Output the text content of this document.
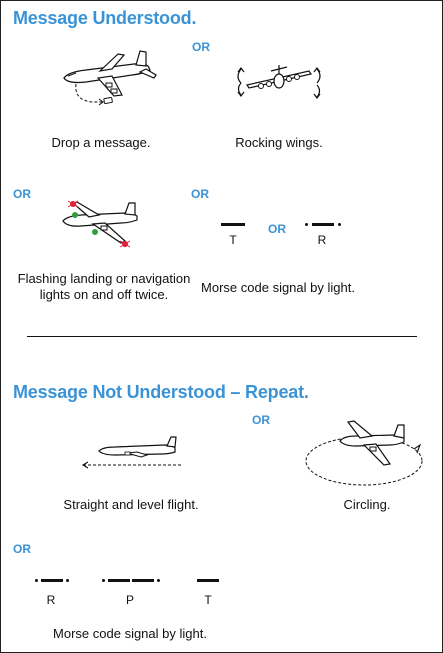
Message Understood.
OR
OR	OR
OR
Drop a message.	Rocking wings.
Flashing landing or navigation
lights on and off twice.
T	R
Morse code signal by light.
Message Not Understood – Repeat.
OR
Straight and level flight.	Circling.
OR
R	P	T
Morse code signal by light.
